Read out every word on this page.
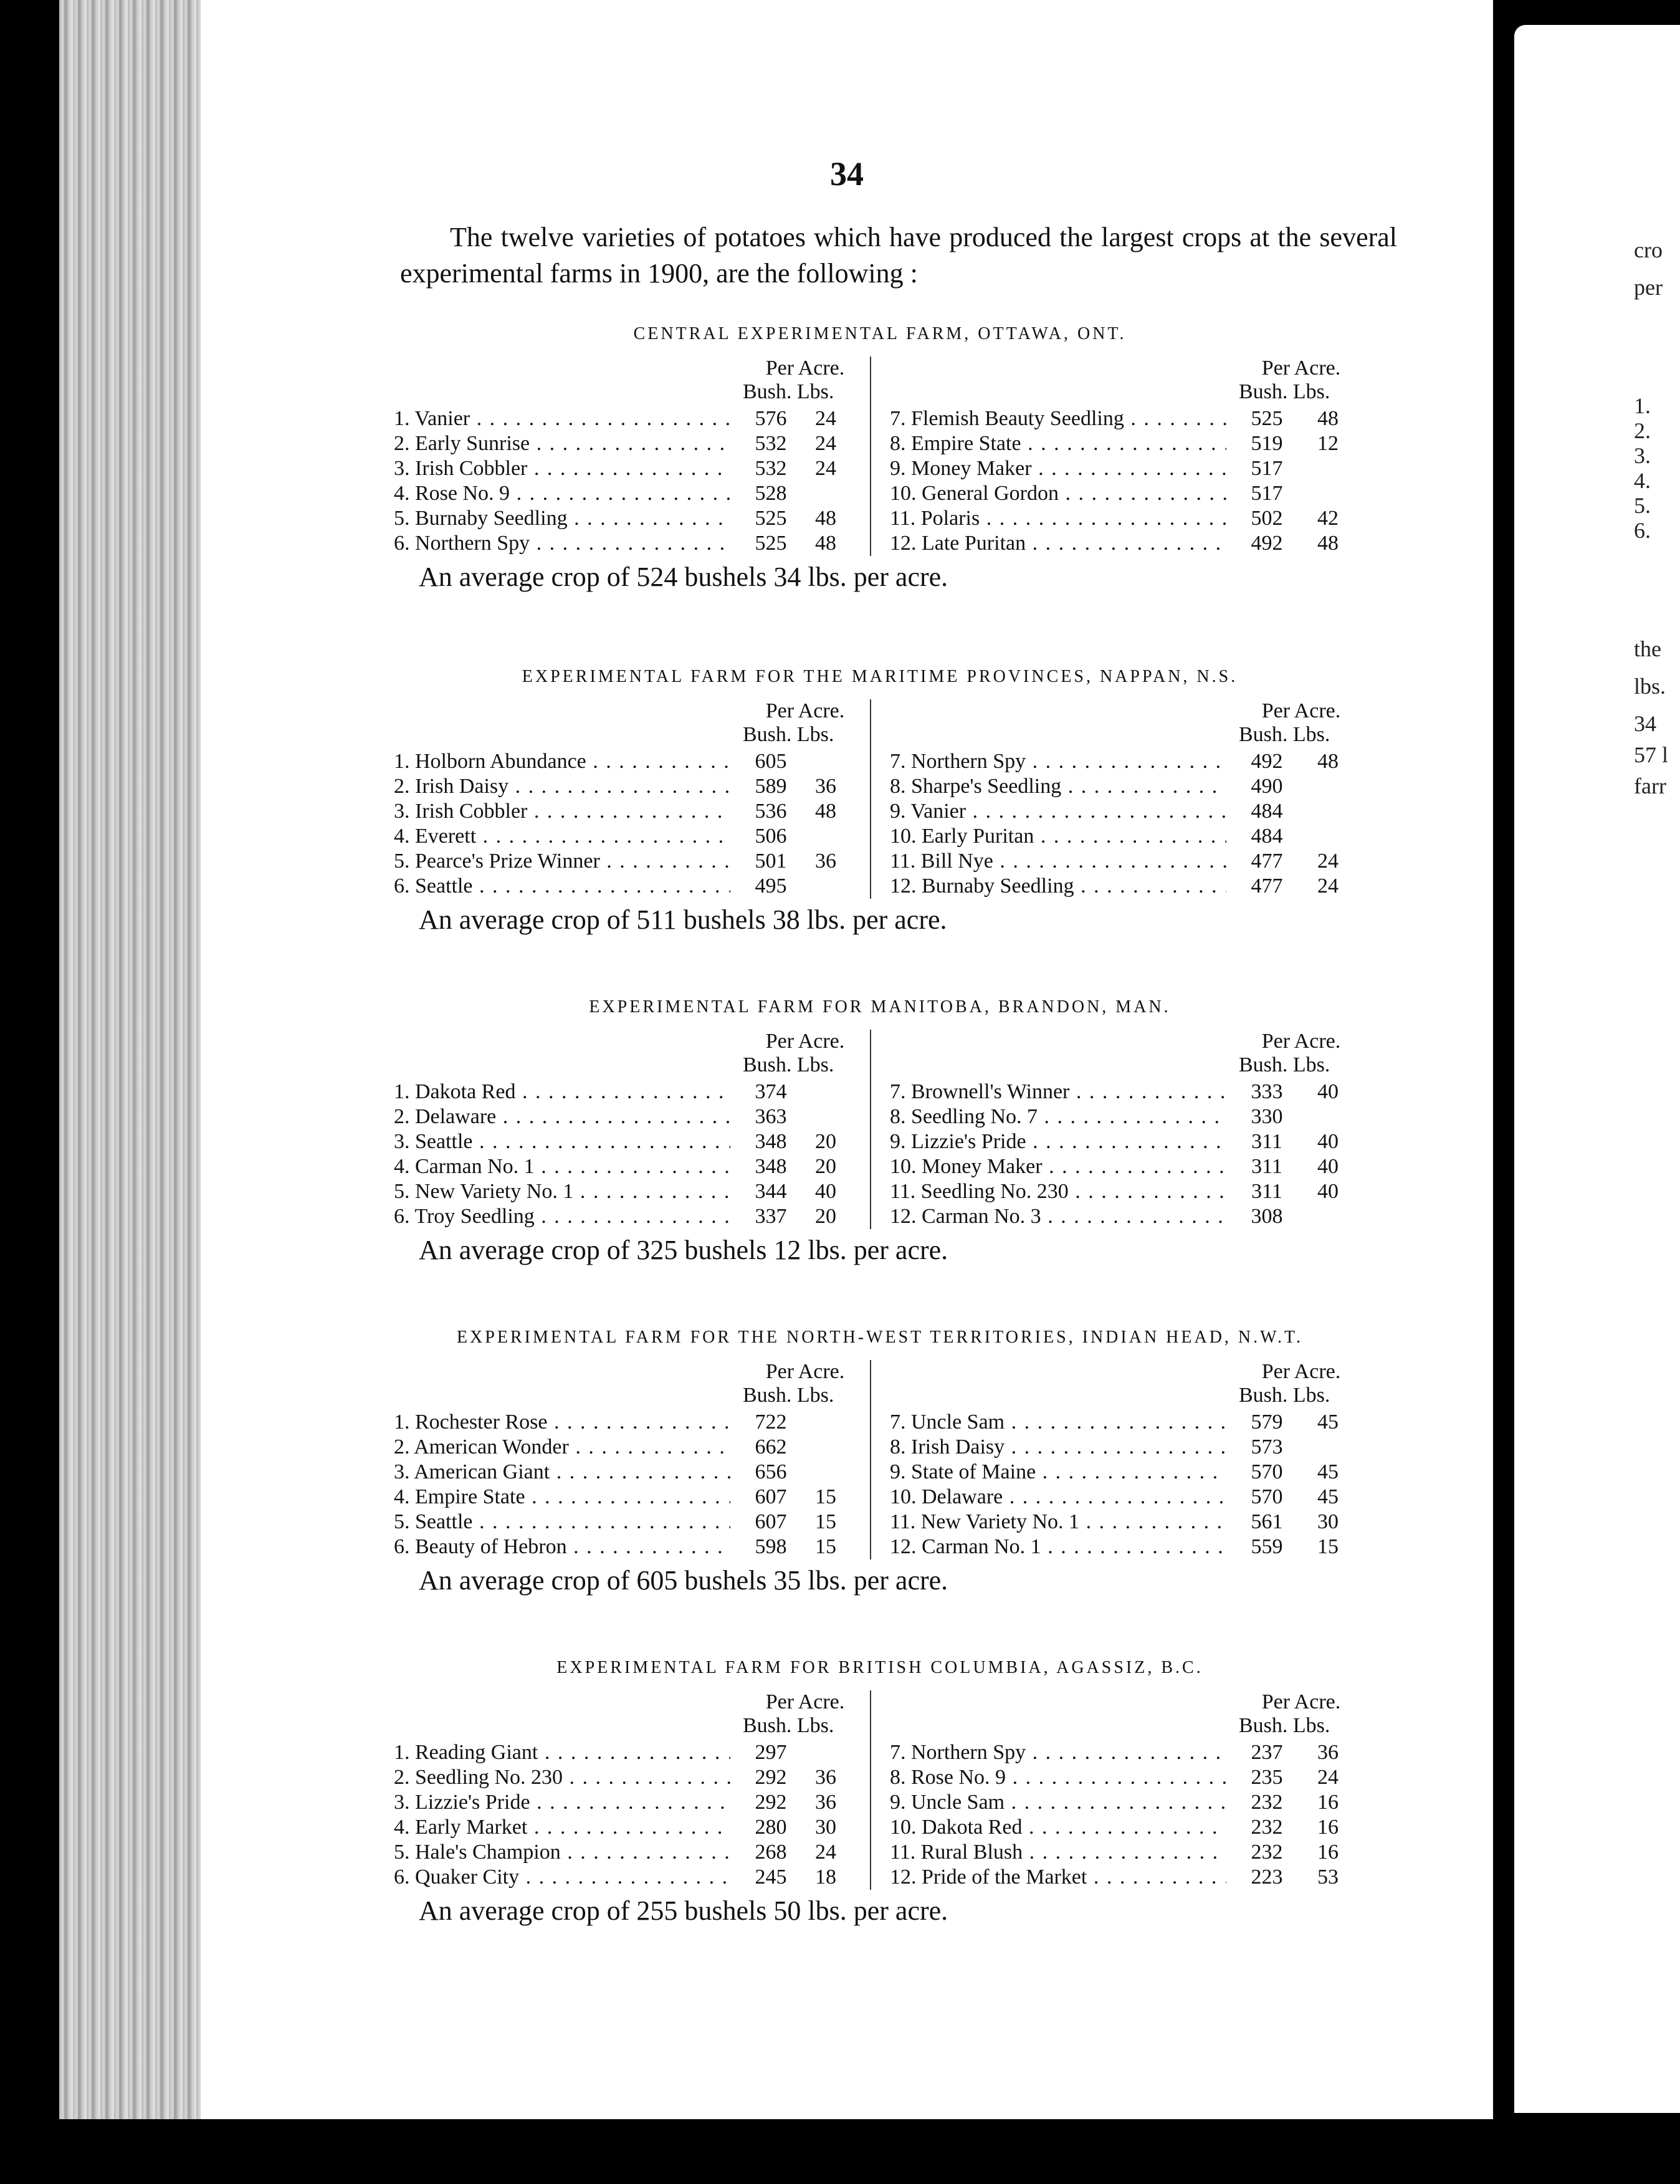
34
The twelve varieties of potatoes which have produced the largest crops at the several experimental farms in 1900, are the following :
CENTRAL EXPERIMENTAL FARM, OTTAWA, ONT.
Per Acre.
Bush. Lbs.
1. Vanier . . .	576	24
2. Early Sunrise . . .	532	24
3. Irish Cobbler . . .	532	24
4. Rose No. 9 . . .	528
5. Burnaby Seedling . . .	525	48
6. Northern Spy . . .	525	48
Per Acre.
Bush. Lbs.
7. Flemish Beauty Seedling . . .	525	48
8. Empire State . . .	519	12
9. Money Maker . . .	517
10. General Gordon . . .	517
11. Polaris . . .	502	42
12. Late Puritan . . .	492	48
An average crop of 524 bushels 34 lbs. per acre.
EXPERIMENTAL FARM FOR THE MARITIME PROVINCES, NAPPAN, N.S.
Per Acre.
Bush. Lbs.
1. Holborn Abundance . . .	605
2. Irish Daisy . . .	589	36
3. Irish Cobbler . . .	536	48
4. Everett . . .	506
5. Pearce's Prize Winner . . .	501	36
6. Seattle . . .	495
Per Acre.
Bush. Lbs.
7. Northern Spy . . .	492	48
8. Sharpe's Seedling . . .	490
9. Vanier . . .	484
10. Early Puritan . . .	484
11. Bill Nye . . .	477	24
12. Burnaby Seedling . . .	477	24
An average crop of 511 bushels 38 lbs. per acre.
EXPERIMENTAL FARM FOR MANITOBA, BRANDON, MAN.
Per Acre.
Bush. Lbs.
1. Dakota Red . . .	374
2. Delaware . . .	363
3. Seattle . . .	348	20
4. Carman No. 1 . . .	348	20
5. New Variety No. 1 . . .	344	40
6. Troy Seedling . . .	337	20
Per Acre.
Bush. Lbs.
7. Brownell's Winner . . .	333	40
8. Seedling No. 7 . . .	330
9. Lizzie's Pride . . .	311	40
10. Money Maker . . .	311	40
11. Seedling No. 230 . . .	311	40
12. Carman No. 3 . . .	308
An average crop of 325 bushels 12 lbs. per acre.
EXPERIMENTAL FARM FOR THE NORTH-WEST TERRITORIES, INDIAN HEAD, N.W.T.
Per Acre.
Bush. Lbs.
1. Rochester Rose . . .	722
2. American Wonder . . .	662
3. American Giant . . .	656
4. Empire State . . .	607	15
5. Seattle . . .	607	15
6. Beauty of Hebron . . .	598	15
Per Acre.
Bush. Lbs.
7. Uncle Sam . . .	579	45
8. Irish Daisy . . .	573
9. State of Maine . . .	570	45
10. Delaware . . .	570	45
11. New Variety No. 1 . . .	561	30
12. Carman No. 1 . . .	559	15
An average crop of 605 bushels 35 lbs. per acre.
EXPERIMENTAL FARM FOR BRITISH COLUMBIA, AGASSIZ, B.C.
Per Acre.
Bush. Lbs.
1. Reading Giant . . .	297
2. Seedling No. 230 . . .	292	36
3. Lizzie's Pride . . .	292	36
4. Early Market . . .	280	30
5. Hale's Champion . . .	268	24
6. Quaker City . . .	245	18
Per Acre.
Bush. Lbs.
7. Northern Spy . . .	237	36
8. Rose No. 9 . . .	235	24
9. Uncle Sam . . .	232	16
10. Dakota Red . . .	232	16
11. Rural Blush . . .	232	16
12. Pride of the Market . . .	223	53
An average crop of 255 bushels 50 lbs. per acre.
cro
per
1.
2.
3.
4.
5.
6.
the
lbs.
34
57 l
farr
